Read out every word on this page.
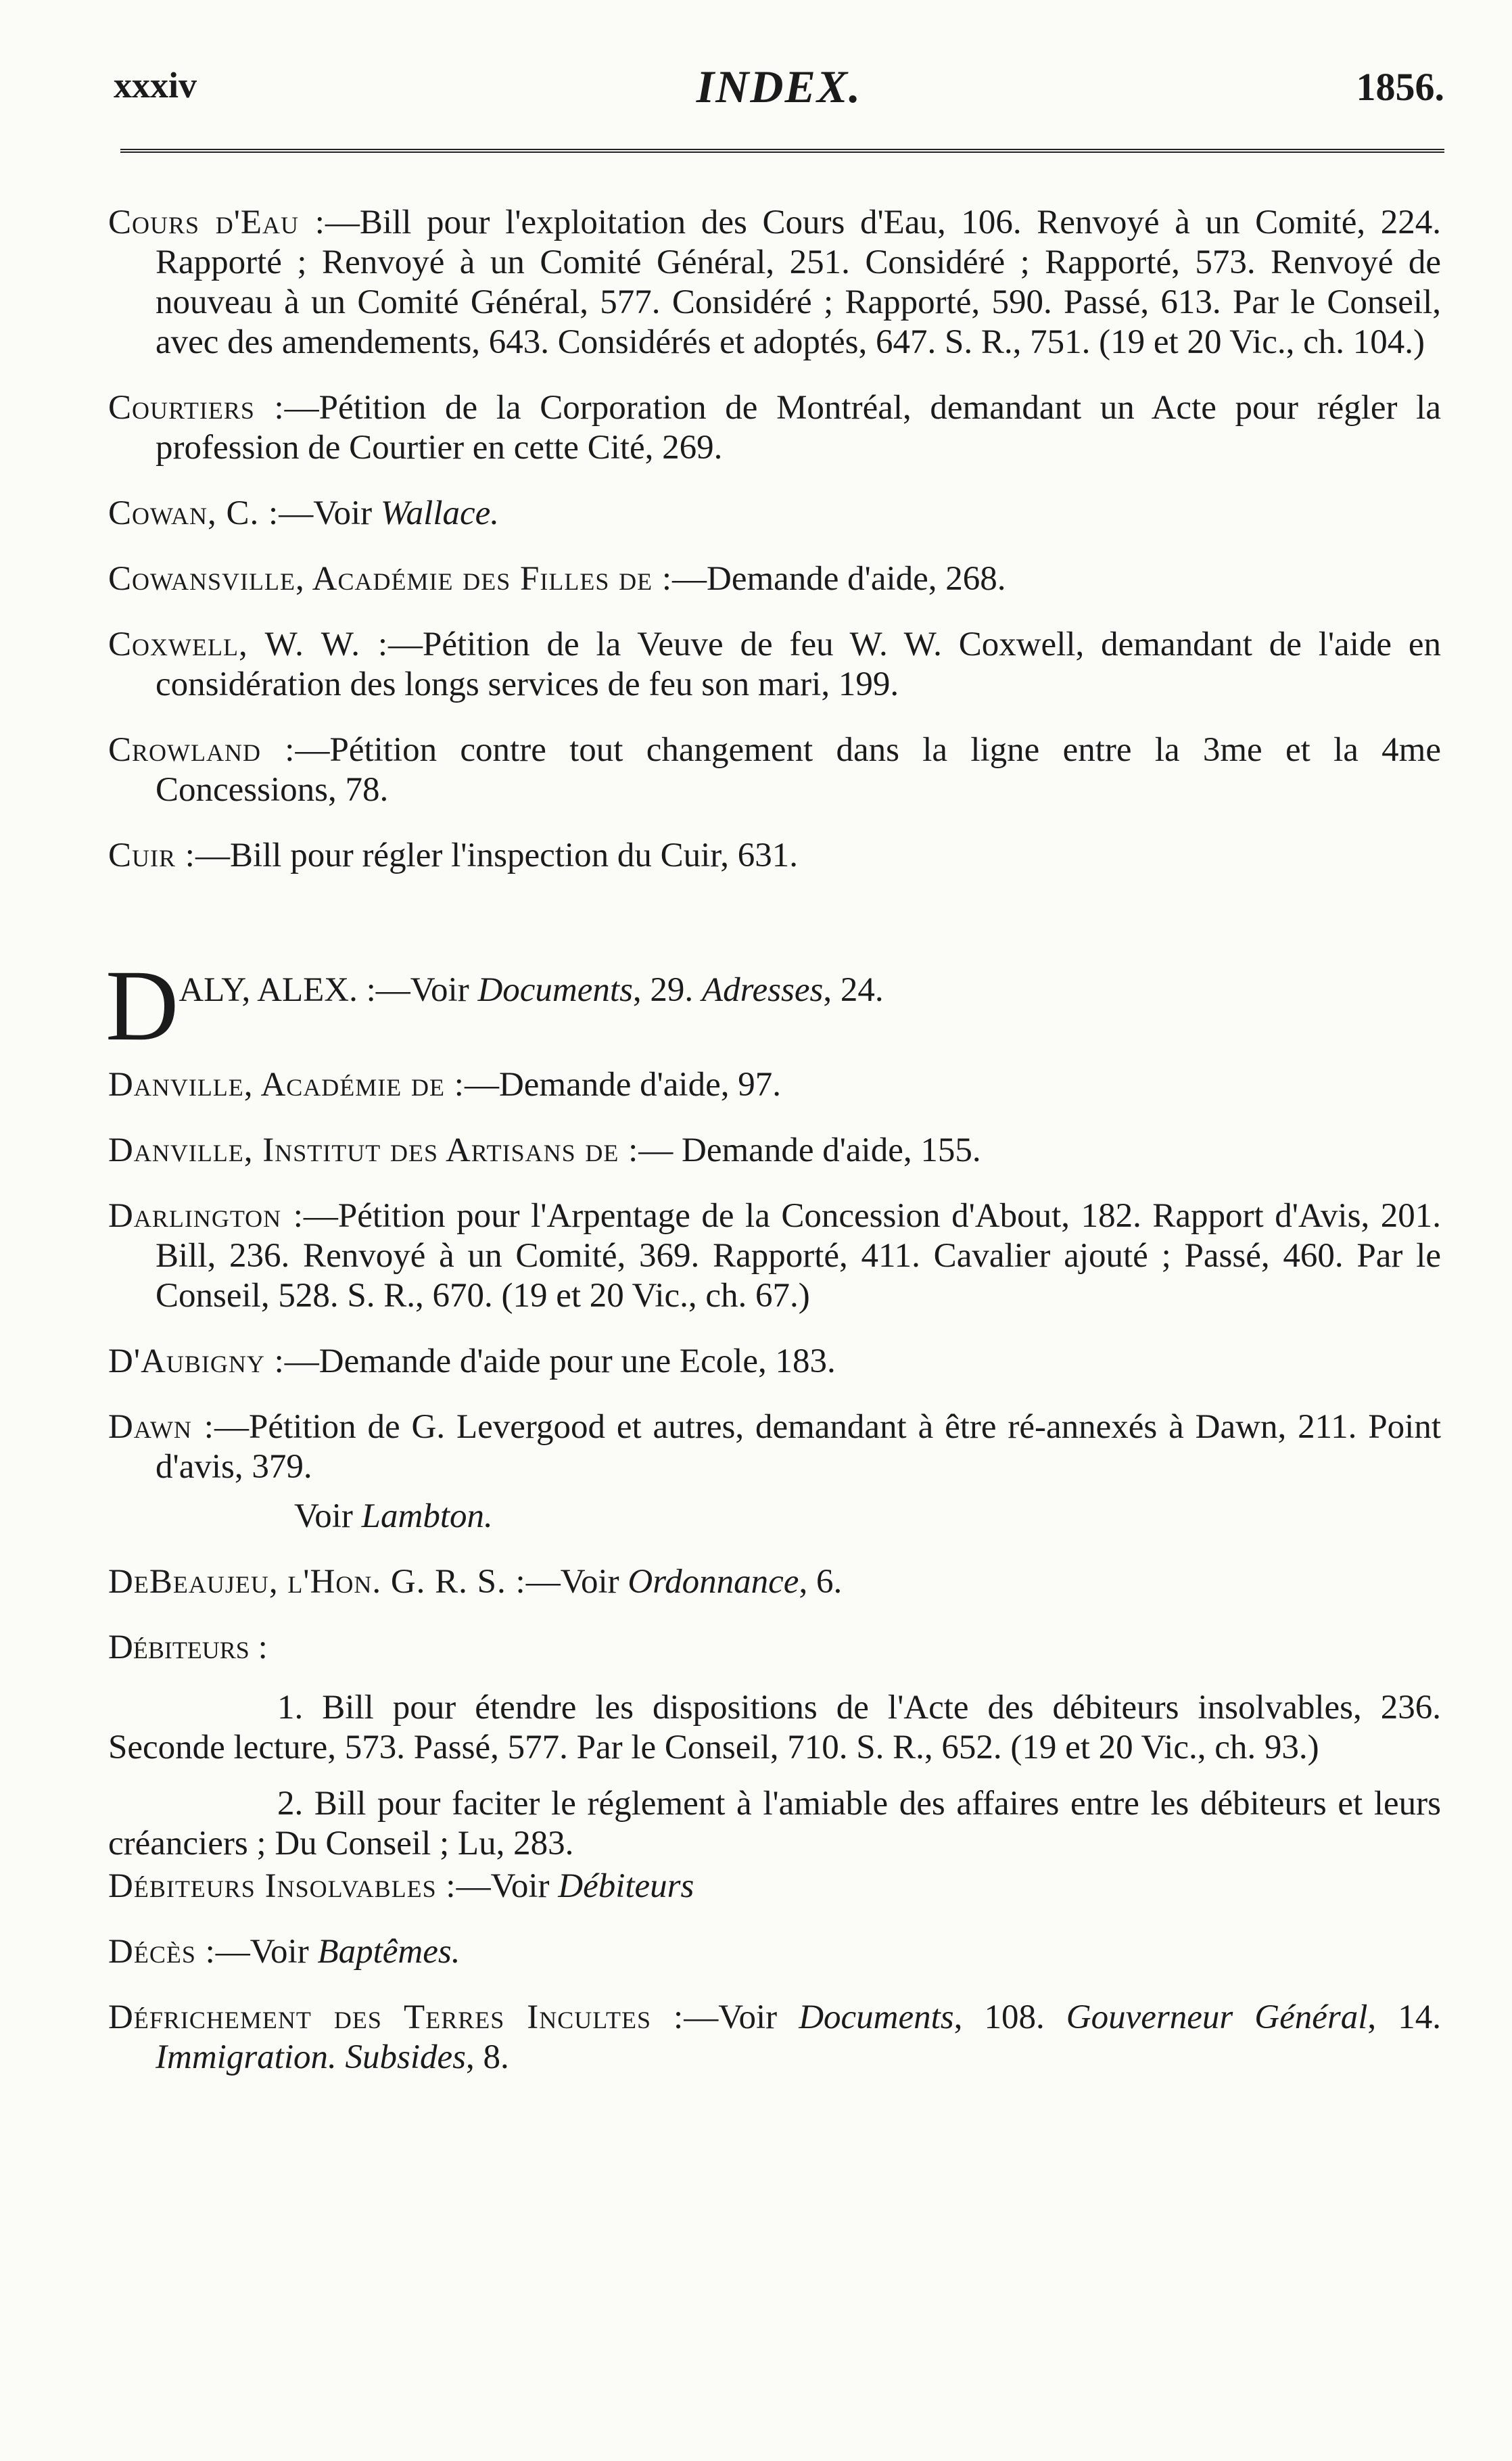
xxxiv	INDEX.	1856.

Cours d'Eau :—Bill pour l'exploitation des Cours d'Eau, 106. Renvoyé à un Comité, 224. Rapporté ; Renvoyé à un Comité Général, 251. Considéré ; Rapporté, 573. Renvoyé de nouveau à un Comité Général, 577. Considéré ; Rapporté, 590. Passé, 613. Par le Conseil, avec des amendements, 643. Considérés et adoptés, 647. S. R., 751. (19 et 20 Vic., ch. 104.)

Courtiers :—Pétition de la Corporation de Montréal, demandant un Acte pour régler la profession de Courtier en cette Cité, 269.

Cowan, C. :—Voir Wallace.

Cowansville, Académie des Filles de :—Demande d'aide, 268.

Coxwell, W. W. :—Pétition de la Veuve de feu W. W. Coxwell, demandant de l'aide en considération des longs services de feu son mari, 199.

Crowland :—Pétition contre tout changement dans la ligne entre la 3me et la 4me Concessions, 78.

Cuir :—Bill pour régler l'inspection du Cuir, 631.

DALY, ALEX. :—Voir Documents, 29. Adresses, 24.

Danville, Académie de :—Demande d'aide, 97.

Danville, Institut des Artisans de :— Demande d'aide, 155.

Darlington :—Pétition pour l'Arpentage de la Concession d'About, 182. Rapport d'Avis, 201. Bill, 236. Renvoyé à un Comité, 369. Rapporté, 411. Cavalier ajouté ; Passé, 460. Par le Conseil, 528. S. R., 670. (19 et 20 Vic., ch. 67.)

D'Aubigny :—Demande d'aide pour une Ecole, 183.

Dawn :—Pétition de G. Levergood et autres, demandant à être ré-annexés à Dawn, 211. Point d'avis, 379.

Voir Lambton.

DeBeaujeu, l'Hon. G. R. S. :—Voir Ordonnance, 6.

Débiteurs :

1. Bill pour étendre les dispositions de l'Acte des débiteurs insolvables, 236. Seconde lecture, 573. Passé, 577. Par le Conseil, 710. S. R., 652. (19 et 20 Vic., ch. 93.)

2. Bill pour faciter le réglement à l'amiable des affaires entre les débiteurs et leurs créanciers ; Du Conseil ; Lu, 283.

Débiteurs Insolvables :—Voir Débiteurs

Décès :—Voir Baptêmes.

Défrichement des Terres Incultes :—Voir Documents, 108. Gouverneur Général, 14. Immigration. Subsides, 8.
